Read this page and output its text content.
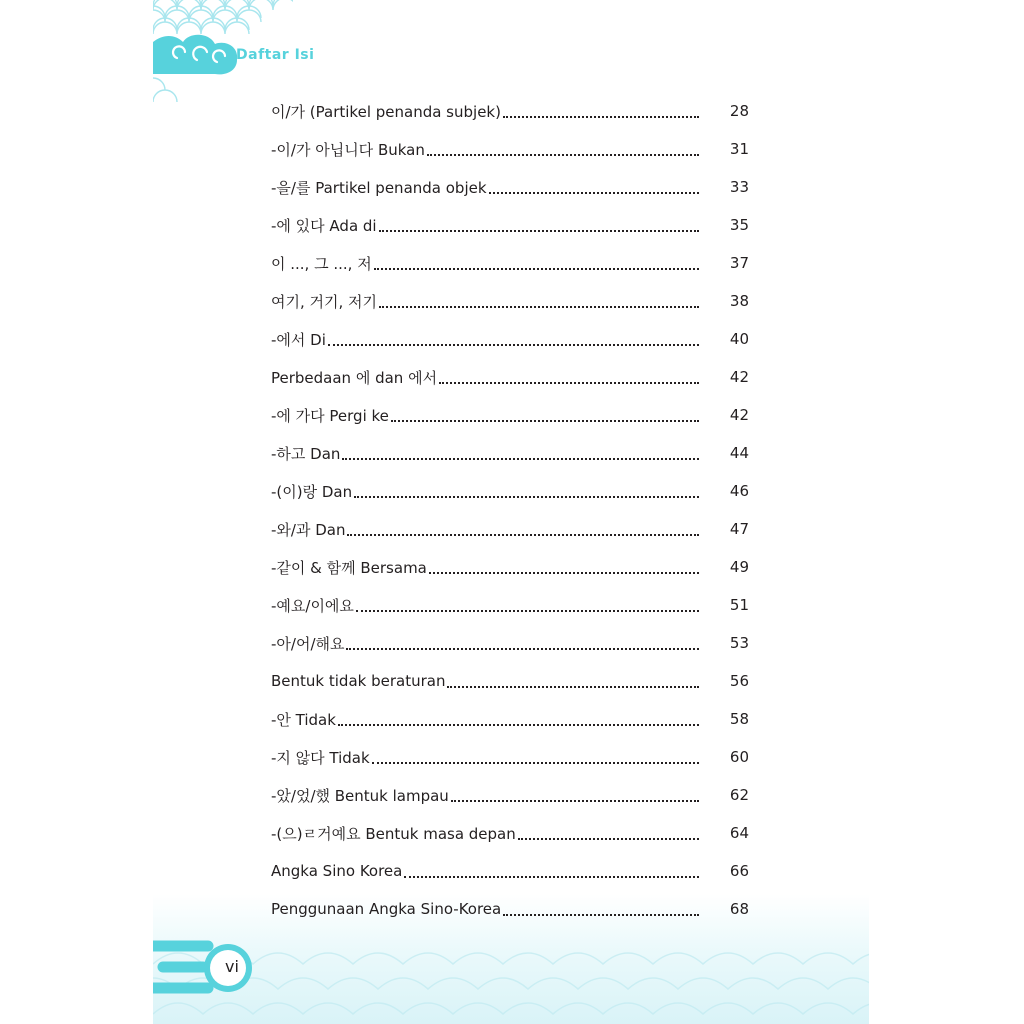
Daftar Isi
이/가 (Partikel penanda subjek)	28
-이/가 아닙니다 Bukan	31
-을/를 Partikel penanda objek	33
-에 있다 Ada di	35
이 ..., 그 ..., 저	37
여기, 거기, 저기	38
-에서 Di	40
Perbedaan 에 dan 에서	42
-에 가다 Pergi ke	42
-하고 Dan	44
-(이)랑 Dan	46
-와/과 Dan	47
-같이 & 함께 Bersama	49
-예요/이에요	51
-아/어/해요	53
Bentuk tidak beraturan	56
-안 Tidak	58
-지 않다 Tidak	60
-았/었/했 Bentuk lampau	62
-(으)ㄹ거예요 Bentuk masa depan	64
Angka Sino Korea	66
Penggunaan Angka Sino-Korea	68
vi
